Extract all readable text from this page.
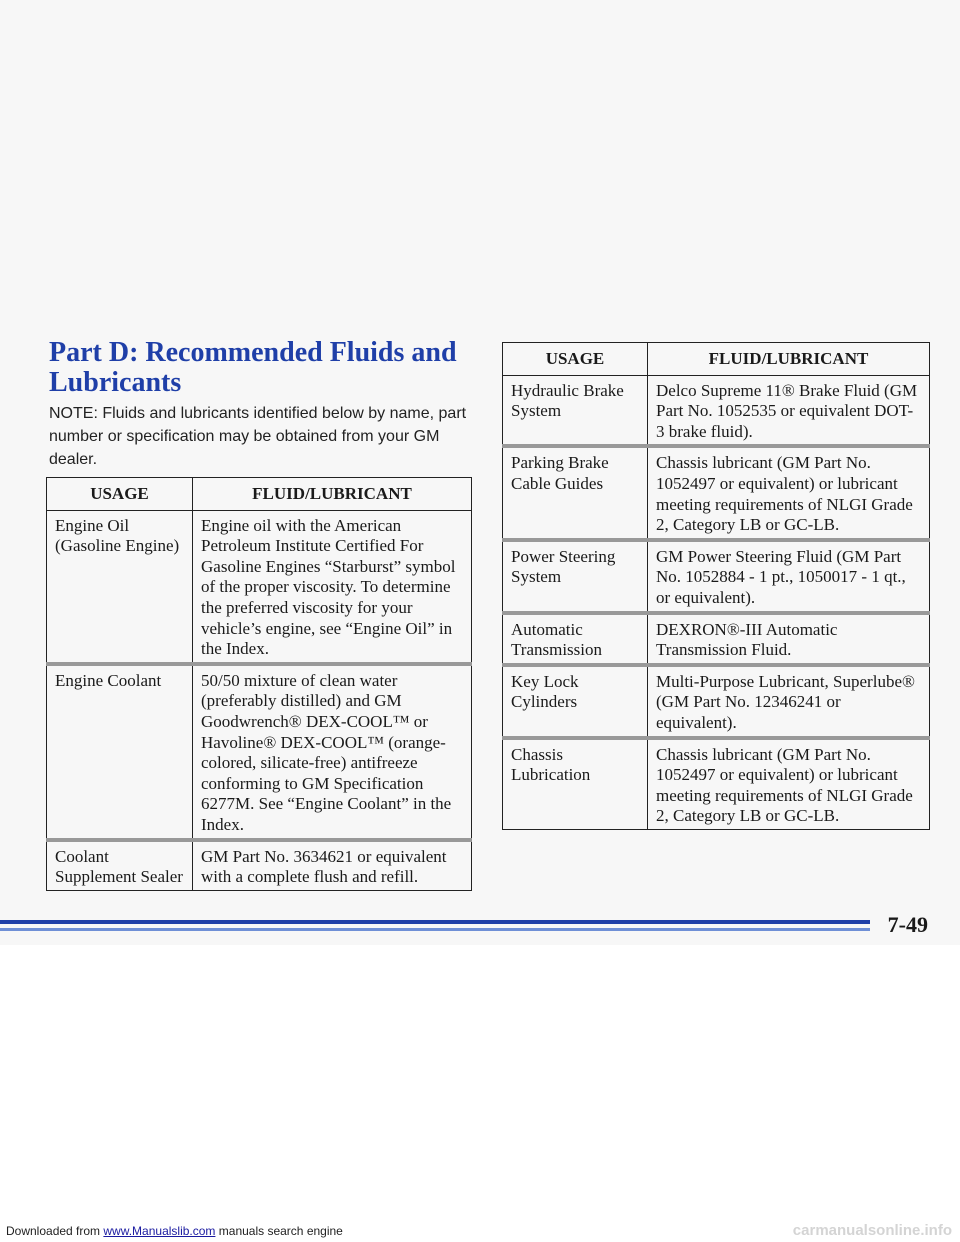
Part D: Recommended Fluids and Lubricants
NOTE: Fluids and lubricants identified below by name, part number or specification may be obtained from your GM dealer.
USAGE	FLUID/LUBRICANT
Engine Oil (Gasoline Engine)	Engine oil with the American Petroleum Institute Certified For Gasoline Engines “Starburst” symbol of the proper viscosity. To determine the preferred viscosity for your vehicle’s engine, see “Engine Oil” in the Index.
Engine Coolant	50/50 mixture of clean water (preferably distilled) and GM Goodwrench® DEX-COOL™ or Havoline® DEX-COOL™ (orange-colored, silicate-free) antifreeze conforming to GM Specification 6277M. See “Engine Coolant” in the Index.
Coolant Supplement Sealer	GM Part No. 3634621 or equivalent with a complete flush and refill.
USAGE	FLUID/LUBRICANT
Hydraulic Brake System	Delco Supreme 11® Brake Fluid (GM Part No. 1052535 or equivalent DOT-3 brake fluid).
Parking Brake Cable Guides	Chassis lubricant (GM Part No. 1052497 or equivalent) or lubricant meeting requirements of NLGI Grade 2, Category LB or GC-LB.
Power Steering System	GM Power Steering Fluid (GM Part No. 1052884 - 1 pt., 1050017 - 1 qt., or equivalent).
Automatic Transmission	DEXRON®-III Automatic Transmission Fluid.
Key Lock Cylinders	Multi-Purpose Lubricant, Superlube® (GM Part No. 12346241 or equivalent).
Chassis Lubrication	Chassis lubricant (GM Part No. 1052497 or equivalent) or lubricant meeting requirements of NLGI Grade 2, Category LB or GC-LB.
7-49
Downloaded from www.Manualslib.com manuals search engine	carmanualsonline.info
